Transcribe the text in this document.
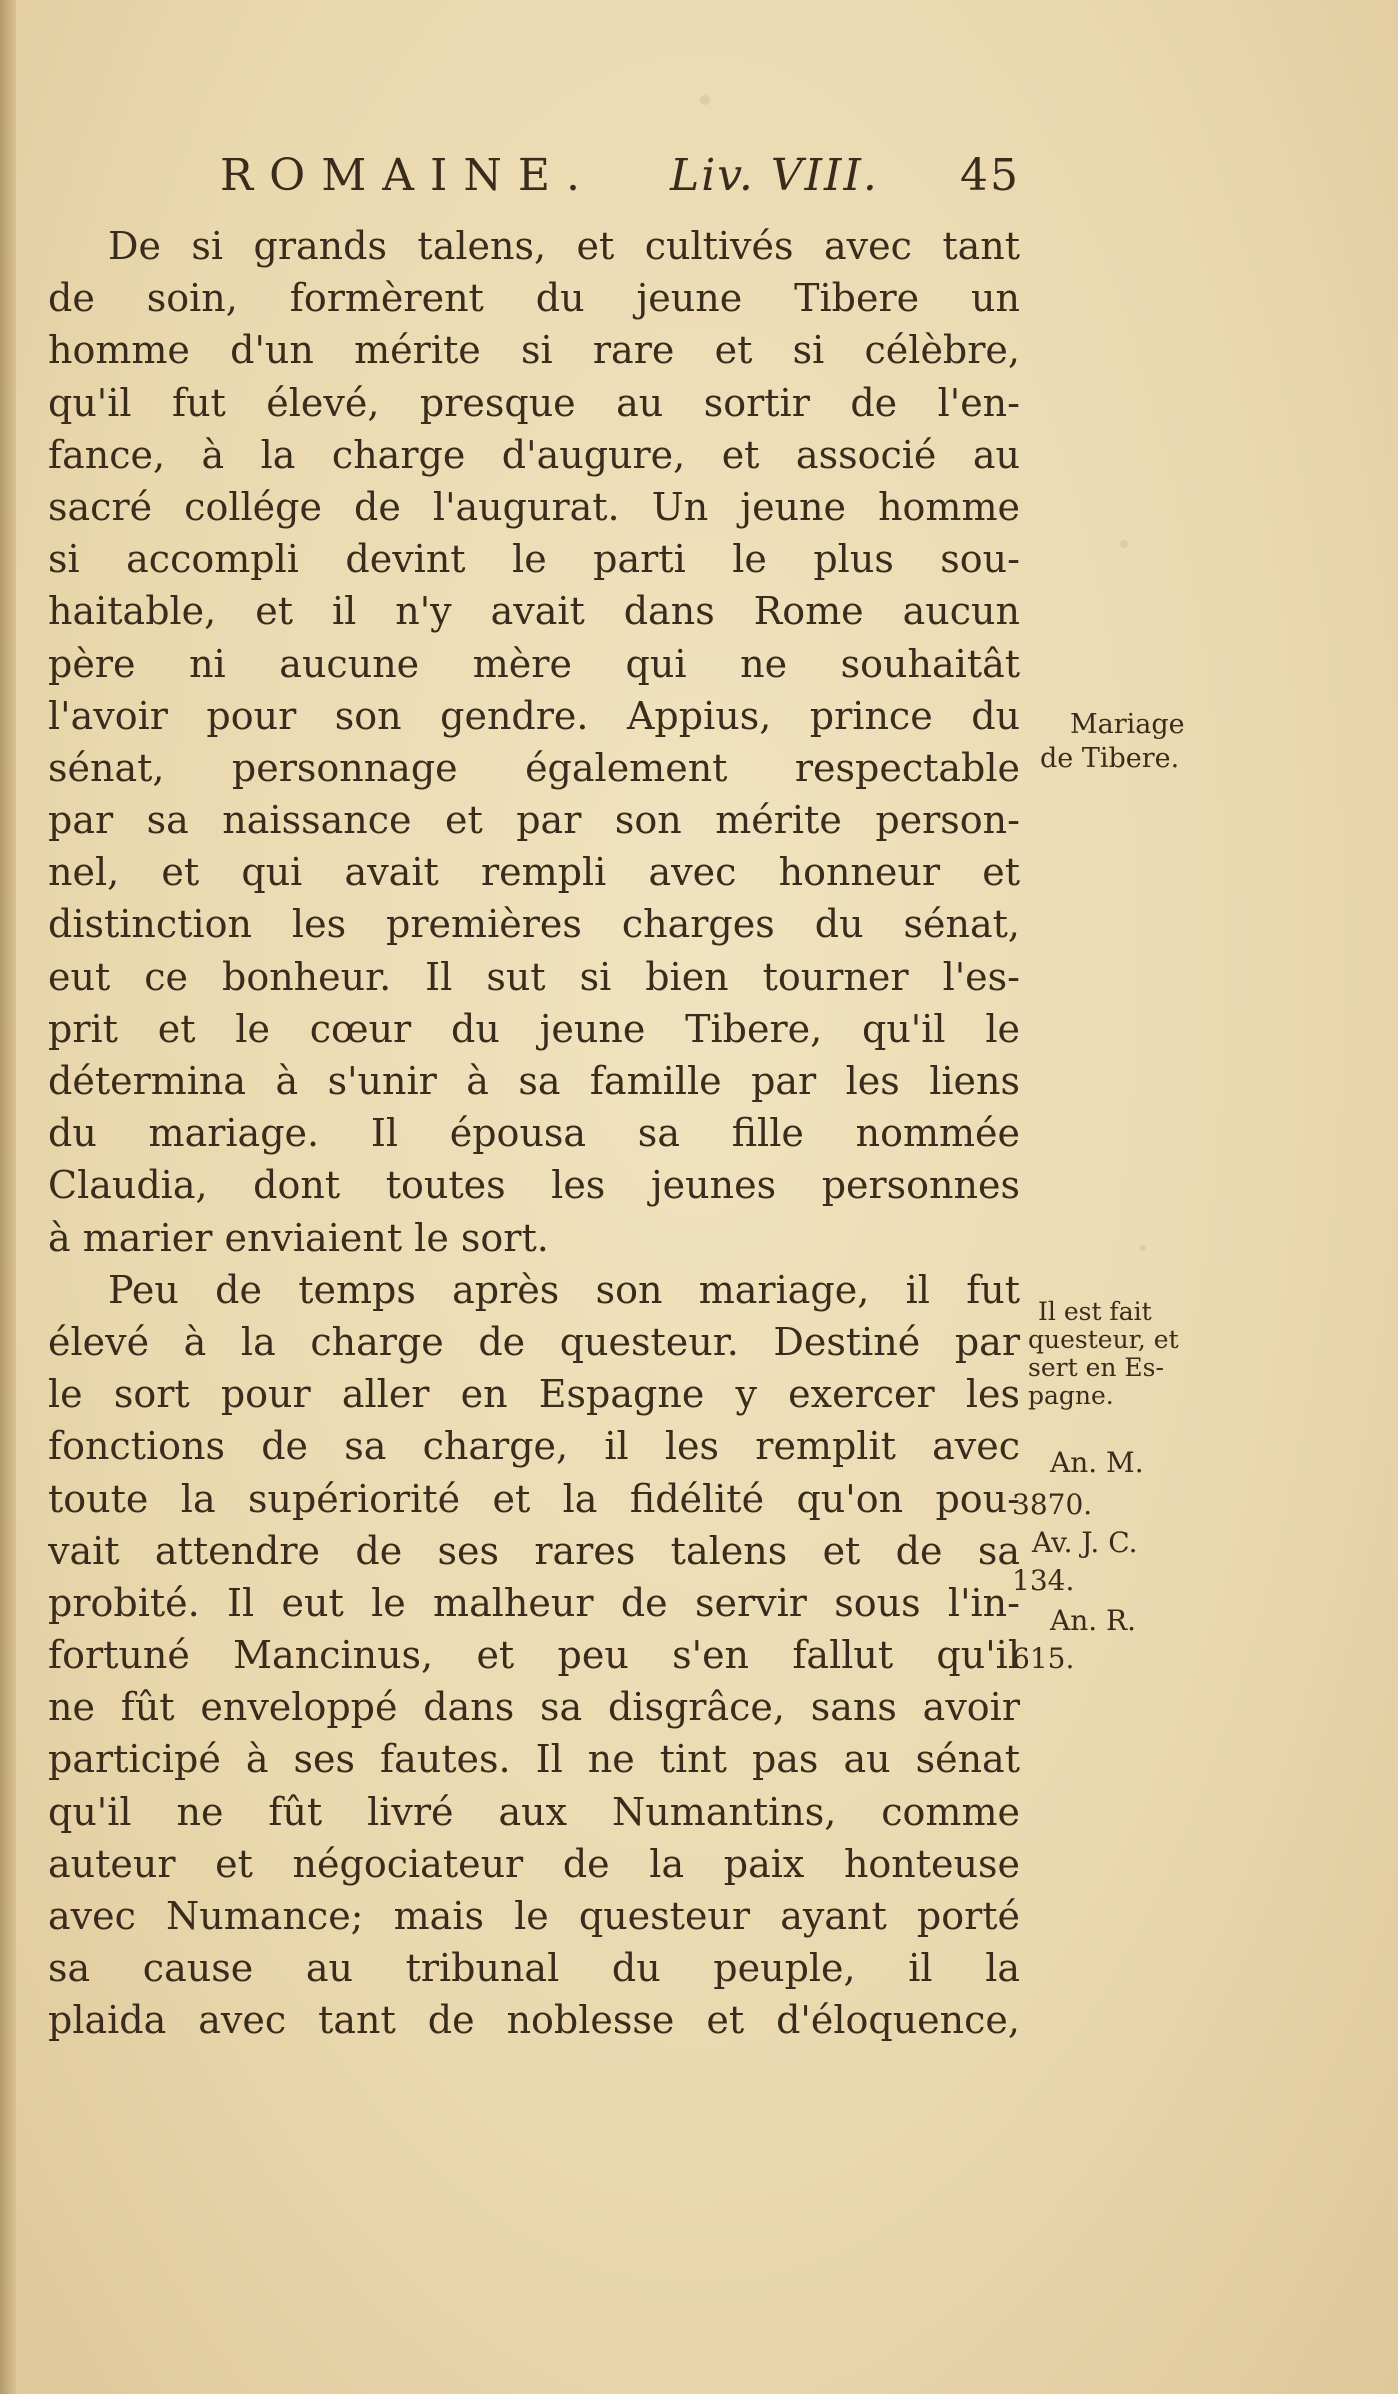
ROMAINE. Liv. VIII. 45
De si grands talens, et cultivés avec tant
de soin, formèrent du jeune Tibere un
homme d'un mérite si rare et si célèbre,
qu'il fut élevé, presque au sortir de l'en-
fance, à la charge d'augure, et associé au
sacré collége de l'augurat. Un jeune homme
si accompli devint le parti le plus sou-
haitable, et il n'y avait dans Rome aucun
père ni aucune mère qui ne souhaitât
l'avoir pour son gendre. Appius, prince du
sénat, personnage également respectable
par sa naissance et par son mérite person-
nel, et qui avait rempli avec honneur et
distinction les premières charges du sénat,
eut ce bonheur. Il sut si bien tourner l'es-
prit et le cœur du jeune Tibere, qu'il le
détermina à s'unir à sa famille par les liens
du mariage. Il épousa sa fille nommée
Claudia, dont toutes les jeunes personnes
à marier enviaient le sort.
Peu de temps après son mariage, il fut
élevé à la charge de questeur. Destiné par
le sort pour aller en Espagne y exercer les
fonctions de sa charge, il les remplit avec
toute la supériorité et la fidélité qu'on pou-
vait attendre de ses rares talens et de sa
probité. Il eut le malheur de servir sous l'in-
fortuné Mancinus, et peu s'en fallut qu'il
ne fût enveloppé dans sa disgrâce, sans avoir
participé à ses fautes. Il ne tint pas au sénat
qu'il ne fût livré aux Numantins, comme
auteur et négociateur de la paix honteuse
avec Numance; mais le questeur ayant porté
sa cause au tribunal du peuple, il la
plaida avec tant de noblesse et d'éloquence,
Mariage
de Tibere.
Il est fait
questeur, et
sert en Es-
pagne.
An. M.
3870.
Av. J. C.
134.
An. R.
615.
